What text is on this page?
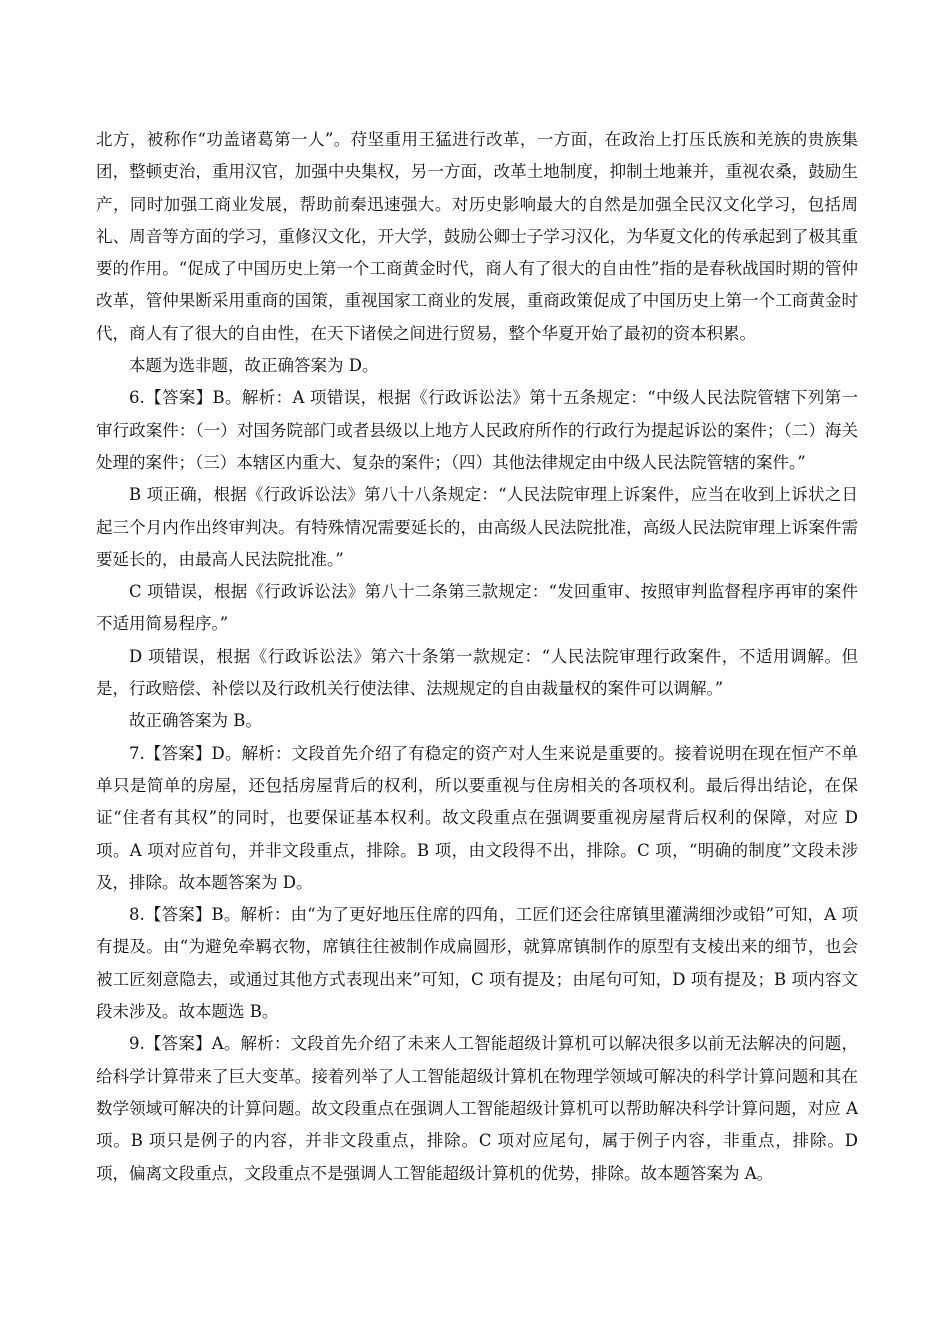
北方，被称作“功盖诸葛第一人”。苻坚重用王猛进行改革，一方面，在政治上打压氐族和羌族的贵族集团，整顿吏治，重用汉官，加强中央集权，另一方面，改革土地制度，抑制土地兼并，重视农桑，鼓励生产，同时加强工商业发展，帮助前秦迅速强大。对历史影响最大的自然是加强全民汉文化学习，包括周礼、周音等方面的学习，重修汉文化，开大学，鼓励公卿士子学习汉化，为华夏文化的传承起到了极其重要的作用。“促成了中国历史上第一个工商黄金时代，商人有了很大的自由性”指的是春秋战国时期的管仲改革，管仲果断采用重商的国策，重视国家工商业的发展，重商政策促成了中国历史上第一个工商黄金时代，商人有了很大的自由性，在天下诸侯之间进行贸易，整个华夏开始了最初的资本积累。

本题为选非题，故正确答案为 D。

6.【答案】B。解析：A 项错误，根据《行政诉讼法》第十五条规定：“中级人民法院管辖下列第一审行政案件：（一）对国务院部门或者县级以上地方人民政府所作的行政行为提起诉讼的案件；（二）海关处理的案件；（三）本辖区内重大、复杂的案件；（四）其他法律规定由中级人民法院管辖的案件。”

B 项正确，根据《行政诉讼法》第八十八条规定：“人民法院审理上诉案件，应当在收到上诉状之日起三个月内作出终审判决。有特殊情况需要延长的，由高级人民法院批准，高级人民法院审理上诉案件需要延长的，由最高人民法院批准。”

C 项错误，根据《行政诉讼法》第八十二条第三款规定：“发回重审、按照审判监督程序再审的案件不适用简易程序。”

D 项错误，根据《行政诉讼法》第六十条第一款规定：“人民法院审理行政案件，不适用调解。但是，行政赔偿、补偿以及行政机关行使法律、法规规定的自由裁量权的案件可以调解。”

故正确答案为 B。

7.【答案】D。解析：文段首先介绍了有稳定的资产对人生来说是重要的。接着说明在现在恒产不单单只是简单的房屋，还包括房屋背后的权利，所以要重视与住房相关的各项权利。最后得出结论，在保证“住者有其权”的同时，也要保证基本权利。故文段重点在强调要重视房屋背后权利的保障，对应 D 项。A 项对应首句，并非文段重点，排除。B 项，由文段得不出，排除。C 项，“明确的制度”文段未涉及，排除。故本题答案为 D。

8.【答案】B。解析：由“为了更好地压住席的四角，工匠们还会往席镇里灌满细沙或铅”可知，A 项有提及。由“为避免牵羁衣物，席镇往往被制作成扁圆形，就算席镇制作的原型有支棱出来的细节，也会被工匠刻意隐去，或通过其他方式表现出来”可知，C 项有提及；由尾句可知，D 项有提及；B 项内容文段未涉及。故本题选 B。

9.【答案】A。解析：文段首先介绍了未来人工智能超级计算机可以解决很多以前无法解决的问题，给科学计算带来了巨大变革。接着列举了人工智能超级计算机在物理学领域可解决的科学计算问题和其在数学领域可解决的计算问题。故文段重点在强调人工智能超级计算机可以帮助解决科学计算问题，对应 A 项。B 项只是例子的内容，并非文段重点，排除。C 项对应尾句，属于例子内容，非重点，排除。D 项，偏离文段重点，文段重点不是强调人工智能超级计算机的优势，排除。故本题答案为 A。
